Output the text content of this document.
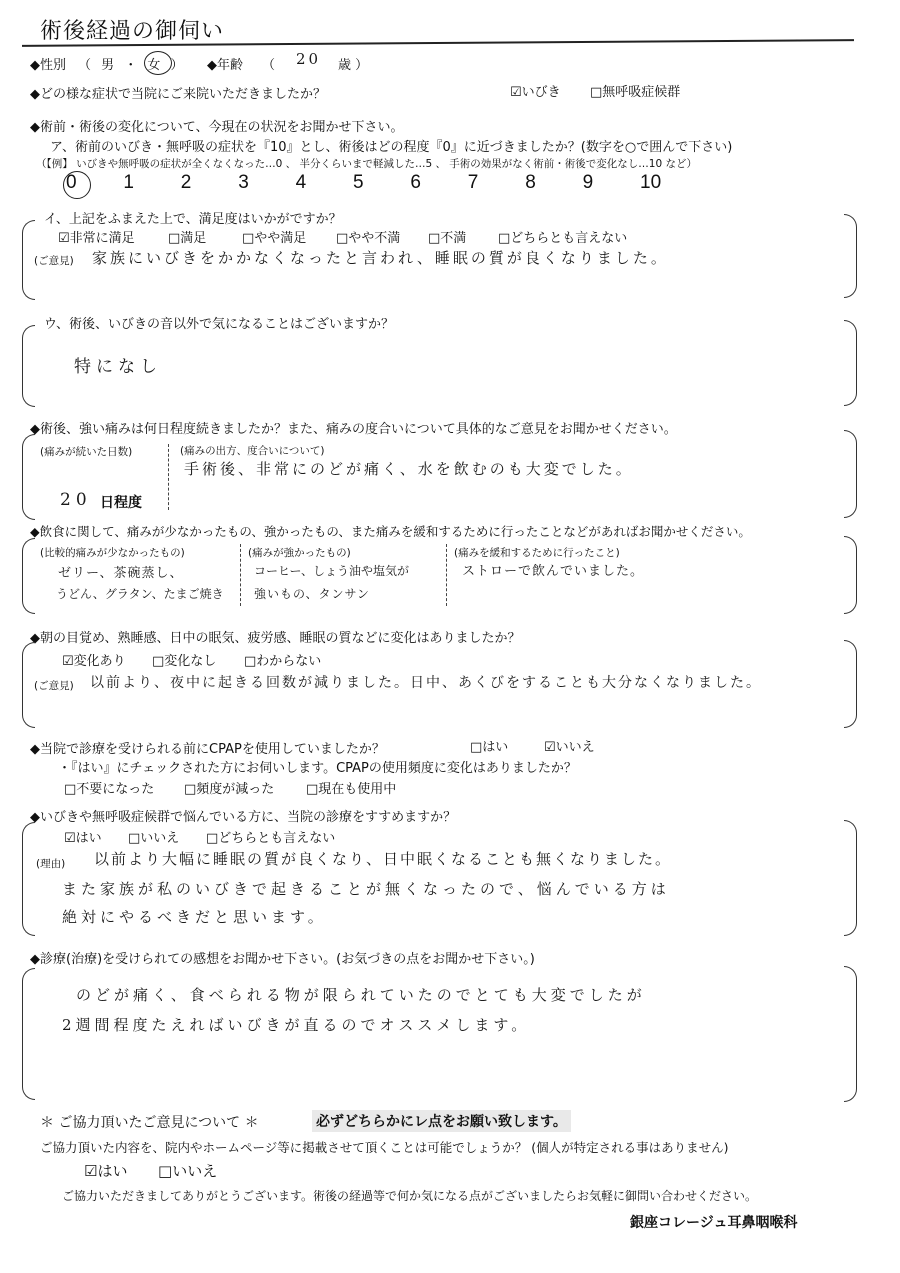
術後経過の御伺い
◆性別 （ 男 ・ 女 ） ◆年齢 （ 20 歳 ）
◆どの様な症状で当院にご来院いただきましたか？	☑ いびき	□ 無呼吸症候群
◆術前・術後の変化について、今現在の状況をお聞かせ下さい。
ア、術前のいびき・無呼吸の症状を『10』とし、術後はどの程度『0』に近づきましたか？(数字を○で囲んで下さい)
（【例】 いびきや無呼吸の症状が全くなくなった…0 、 半分くらいまで軽減した…5 、 手術の効果がなく術前・術後で変化なし…10 など）
0 1 2 3 4 5 6 7 8 9 10
イ、上記をふまえた上で、満足度はいかがですか？
☑ 非常に満足	□ 満足	□ やや満足	□ やや不満	□ 不満	□ どちらとも言えない
(ご意見) 家族にいびきをかかなくなったと言われ、睡眠の質が良くなりました。
ウ、術後、いびきの音以外で気になることはございますか？
特になし
◆術後、強い痛みは何日程度続きましたか？また、痛みの度合いについて具体的なご意見をお聞かせください。
(痛みが続いた日数)
20 日程度
(痛みの出方、度合いについて)
手術後、非常にのどが痛く、水を飲むのも大変でした。
◆飲食に関して、痛みが少なかったもの、強かったもの、また痛みを緩和するために行ったことなどがあればお聞かせください。
(比較的痛みが少なかったもの)
ゼリー、茶碗蒸し、
うどん、グラタン、たまご焼き
(痛みが強かったもの)
コーヒー、しょう油や塩気が
強いもの、タンサン
(痛みを緩和するために行ったこと)
ストローで飲んでいました。
◆朝の目覚め、熟睡感、日中の眠気、疲労感、睡眠の質などに変化はありましたか？
☑ 変化あり	□ 変化なし	□ わからない
(ご意見) 以前より、夜中に起きる回数が減りました。日中、あくびをすることも大分なくなりました。
◆当院で診療を受けられる前にCPAPを使用していましたか？	□ はい	☑ いいえ
・『はい』にチェックされた方にお伺いします。CPAPの使用頻度に変化はありましたか？
□ 不要になった	□ 頻度が減った	□ 現在も使用中
◆いびきや無呼吸症候群で悩んでいる方に、当院の診療をすすめますか？
☑ はい	□ いいえ	□ どちらとも言えない
(理由) 以前より大幅に睡眠の質が良くなり、日中眠くなることも無くなりました。
また家族が私のいびきで起きることが無くなったので、悩んでいる方は
絶対にやるべきだと思います。
◆診療(治療)を受けられての感想をお聞かせ下さい。(お気づきの点をお聞かせ下さい。)
のどが痛く、食べられる物が限られていたのでとても大変でしたが
2週間程度たえればいびきが直るのでオススメします。
＊ ご協力頂いたご意見について ＊	必ずどちらかにレ点をお願い致します。
ご協力頂いた内容を、院内やホームページ等に掲載させて頂くことは可能でしょうか？ (個人が特定される事はありません)
☑ はい	□ いいえ
ご協力いただきましてありがとうございます。術後の経過等で何か気になる点がございましたらお気軽に御問い合わせください。
銀座コレージュ耳鼻咽喉科
